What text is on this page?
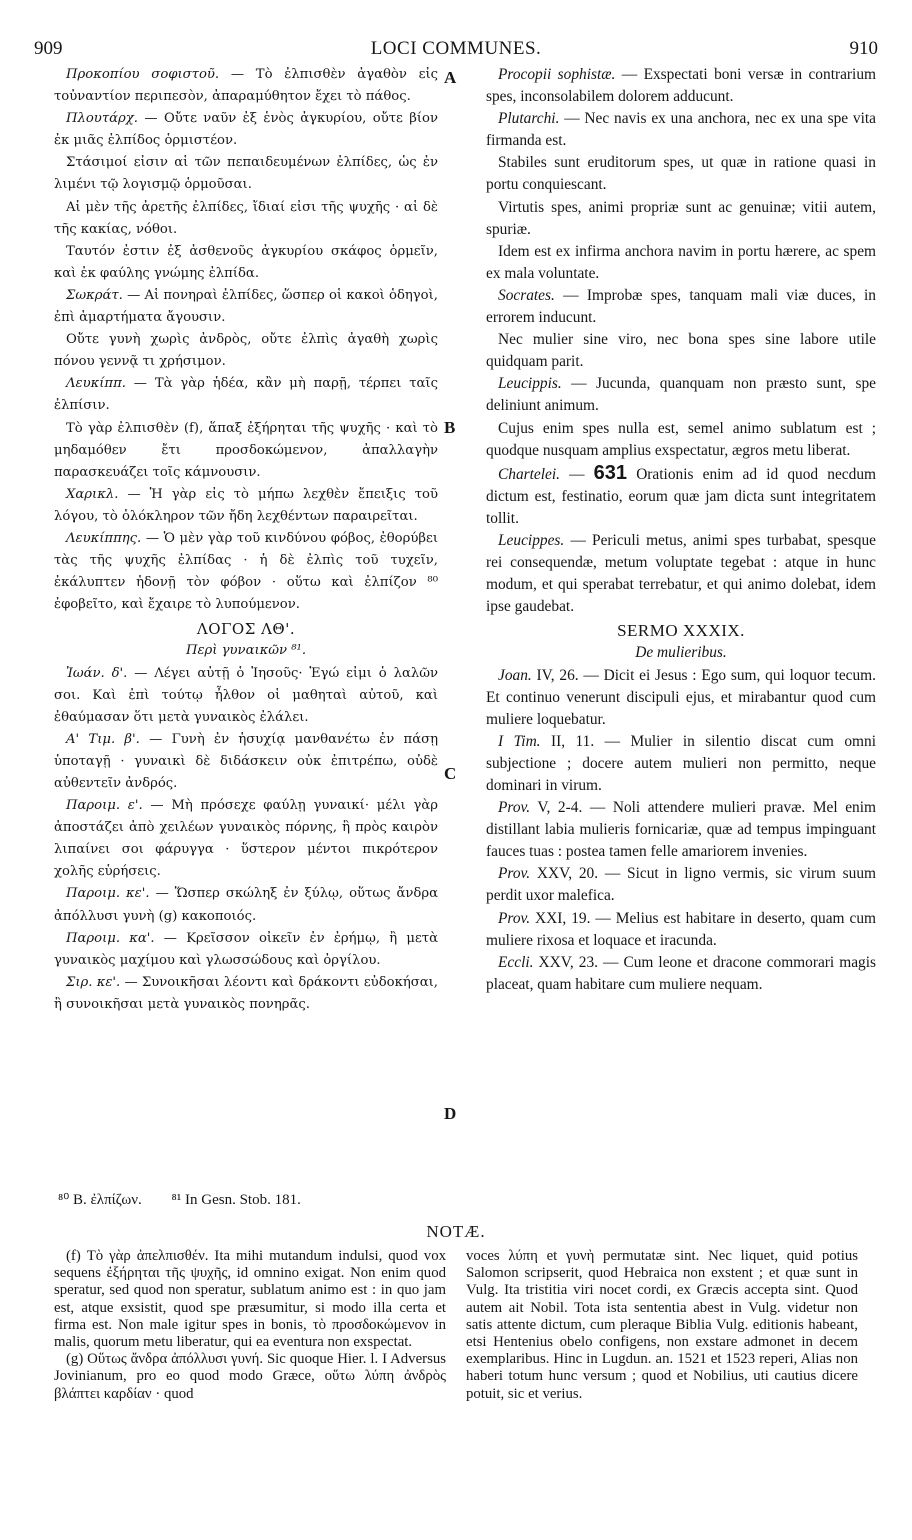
909	LOCI COMMUNES.	910

Προκοπίου σοφιστοῦ. — Τὸ ἐλπισθὲν ἀγαθὸν εἰς τοὐναντίον περιπεσὸν, ἀπαραμύθητον ἔχει τὸ πάθος.

Πλουτάρχ. — Οὔτε ναῦν ἐξ ἑνὸς ἀγκυρίου, οὔτε βίον ἐκ μιᾶς ἐλπίδος ὁρμιστέον.

Στάσιμοί εἰσιν αἱ τῶν πεπαιδευμένων ἐλπίδες, ὡς ἐν λιμένι τῷ λογισμῷ ὁρμοῦσαι.

Αἱ μὲν τῆς ἀρετῆς ἐλπίδες, ἴδιαί εἰσι τῆς ψυχῆς · αἱ δὲ τῆς κακίας, νόθοι.

Ταυτόν ἐστιν ἐξ ἀσθενοῦς ἀγκυρίου σκάφος ὁρμεῖν, καὶ ἐκ φαύλης γνώμης ἐλπίδα.

Σωκράτ. — Αἱ πονηραὶ ἐλπίδες, ὥσπερ οἱ κακοὶ ὁδηγοὶ, ἐπὶ ἁμαρτήματα ἄγουσιν.

Οὔτε γυνὴ χωρὶς ἀνδρὸς, οὔτε ἐλπὶς ἀγαθὴ χωρὶς πόνου γεννᾷ τι χρήσιμον.

Λευκίππ. — Τὰ γὰρ ἡδέα, κἂν μὴ παρῇ, τέρπει ταῖς ἐλπίσιν.

Τὸ γὰρ ἐλπισθὲν (f), ἅπαξ ἐξήρηται τῆς ψυχῆς · καὶ τὸ μηδαμόθεν ἔτι προσδοκώμενον, ἀπαλλαγὴν παρασκευάζει τοῖς κάμνουσιν.

Χαρικλ. — Ἡ γὰρ εἰς τὸ μήπω λεχθὲν ἔπειξις τοῦ λόγου, τὸ ὁλόκληρον τῶν ἤδη λεχθέντων παραιρεῖται.

Λευκίππης. — Ὁ μὲν γὰρ τοῦ κινδύνου φόβος, ἐθορύβει τὰς τῆς ψυχῆς ἐλπίδας · ἡ δὲ ἐλπὶς τοῦ τυχεῖν, ἐκάλυπτεν ἡδονῇ τὸν φόβον · οὕτω καὶ ἐλπίζον ⁸⁰ ἐφοβεῖτο, καὶ ἔχαιρε τὸ λυπούμενον.

ΛΟΓΟΣ ΛΘ'.
Περὶ γυναικῶν ⁸¹.

Ἰωάν. δ'. — Λέγει αὐτῇ ὁ Ἰησοῦς· Ἐγώ εἰμι ὁ λαλῶν σοι. Καὶ ἐπὶ τούτῳ ἦλθον οἱ μαθηταὶ αὐτοῦ, καὶ ἐθαύμασαν ὅτι μετὰ γυναικὸς ἐλάλει.

Α' Τιμ. β'. — Γυνὴ ἐν ἡσυχίᾳ μανθανέτω ἐν πάσῃ ὑποταγῇ · γυναικὶ δὲ διδάσκειν οὐκ ἐπιτρέπω, οὐδὲ αὐθεντεῖν ἀνδρός.

Παροιμ. ε'. — Μὴ πρόσεχε φαύλῃ γυναικί· μέλι γὰρ ἀποστάζει ἀπὸ χειλέων γυναικὸς πόρνης, ἣ πρὸς καιρὸν λιπαίνει σοι φάρυγγα · ὕστερον μέντοι πικρότερον χολῆς εὑρήσεις.

Παροιμ. κε'. — Ὥσπερ σκώληξ ἐν ξύλῳ, οὕτως ἄνδρα ἀπόλλυσι γυνὴ (g) κακοποιός.

Παροιμ. κα'. — Κρεῖσσον οἰκεῖν ἐν ἐρήμῳ, ἢ μετὰ γυναικὸς μαχίμου καὶ γλωσσώδους καὶ ὀργίλου.

Σιρ. κε'. — Συνοικῆσαι λέοντι καὶ δράκοντι εὐδοκήσαι, ἢ συνοικῆσαι μετὰ γυναικὸς πονηρᾶς.

A
B
C
D

Procopii sophistæ. — Exspectati boni versæ in contrarium spes, inconsolabilem dolorem adducunt.

Plutarchi. — Nec navis ex una anchora, nec ex una spe vita firmanda est.

Stabiles sunt eruditorum spes, ut quæ in ratione quasi in portu conquiescant.

Virtutis spes, animi propriæ sunt ac genuinæ; vitii autem, spuriæ.

Idem est ex infirma anchora navim in portu hærere, ac spem ex mala voluntate.

Socrates. — Improbæ spes, tanquam mali viæ duces, in errorem inducunt.

Nec mulier sine viro, nec bona spes sine labore utile quidquam parit.

Leucippis. — Jucunda, quanquam non præsto sunt, spe deliniunt animum.

Cujus enim spes nulla est, semel animo sublatum est ; quodque nusquam amplius exspectatur, ægros metu liberat.

Chartelei. — 631 Orationis enim ad id quod necdum dictum est, festinatio, eorum quæ jam dicta sunt integritatem tollit.

Leucippes. — Periculi metus, animi spes turbabat, spesque rei consequendæ, metum voluptate tegebat : atque in hunc modum, et qui sperabat terrebatur, et qui animo dolebat, idem ipse gaudebat.

SERMO XXXIX.
De mulieribus.

Joan. IV, 26. — Dicit ei Jesus : Ego sum, qui loquor tecum. Et continuo venerunt discipuli ejus, et mirabantur quod cum muliere loquebatur.

I Tim. II, 11. — Mulier in silentio discat cum omni subjectione ; docere autem mulieri non permitto, neque dominari in virum.

Prov. V, 2-4. — Noli attendere mulieri pravæ. Mel enim distillant labia mulieris fornicariæ, quæ ad tempus impinguant fauces tuas : postea tamen felle amariorem invenies.

Prov. XXV, 20. — Sicut in ligno vermis, sic virum suum perdit uxor malefica.

Prov. XXI, 19. — Melius est habitare in deserto, quam cum muliere rixosa et loquace et iracunda.

Eccli. XXV, 23. — Cum leone et dracone commorari magis placeat, quam habitare cum muliere nequam.

⁸⁰ B. ἐλπίζων. ⁸¹ In Gesn. Stob. 181.
NOTÆ.

(f) Τὸ γὰρ ἀπελπισθέν. Ita mihi mutandum indulsi, quod vox sequens ἐξήρηται τῆς ψυχῆς, id omnino exigat. Non enim quod speratur, sed quod non speratur, sublatum animo est : in quo jam est, atque exsistit, quod spe præsumitur, si modo illa certa et firma est. Non male igitur spes in bonis, τὸ προσδοκώμενον in malis, quorum metu liberatur, qui ea eventura non exspectat.

(g) Οὕτως ἄνδρα ἀπόλλυσι γυνή. Sic quoque Hier. l. I Adversus Jovinianum, pro eo quod modo Græce, οὕτω λύπη ἀνδρὸς βλάπτει καρδίαν · quod

voces λύπη et γυνὴ permutatæ sint. Nec liquet, quid potius Salomon scripserit, quod Hebraica non exstent ; et quæ sunt in Vulg. Ita tristitia viri nocet cordi, ex Græcis accepta sint. Quod autem ait Nobil. Tota ista sententia abest in Vulg. videtur non satis attente dictum, cum pleraque Biblia Vulg. editionis habeant, etsi Hentenius obelo configens, non exstare admonet in decem exemplaribus. Hinc in Lugdun. an. 1521 et 1523 reperi, Alias non haberi totum hunc versum ; quod et Nobilius, uti cautius dicere potuit, sic et verius.
